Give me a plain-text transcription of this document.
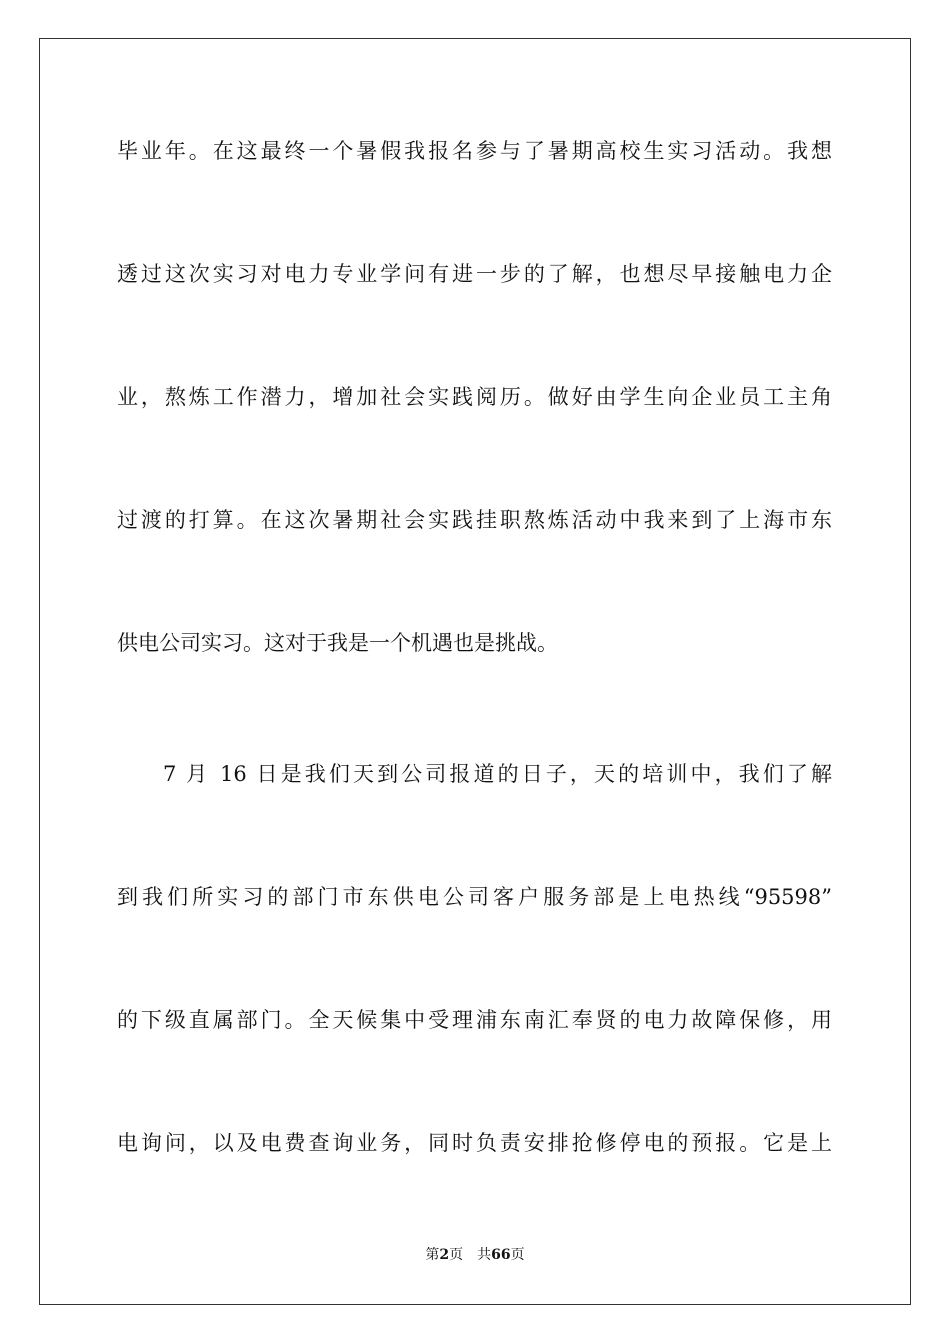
毕业年。在这最终一个暑假我报名参与了暑期高校生实习活动。我想
透过这次实习对电力专业学问有进一步的了解，也想尽早接触电力企
业，熬炼工作潜力，增加社会实践阅历。做好由学生向企业员工主角
过渡的打算。在这次暑期社会实践挂职熬炼活动中我来到了上海市东
供电公司实习。这对于我是一个机遇也是挑战。
7 月 16 日是我们天到公司报道的日子，天的培训中，我们了解
到我们所实习的部门市东供电公司客户服务部是上电热线“95598”
的下级直属部门。全天候集中受理浦东南汇奉贤的电力故障保修，用
电询问，以及电费查询业务，同时负责安排抢修停电的预报。它是上
第2页 共66页
